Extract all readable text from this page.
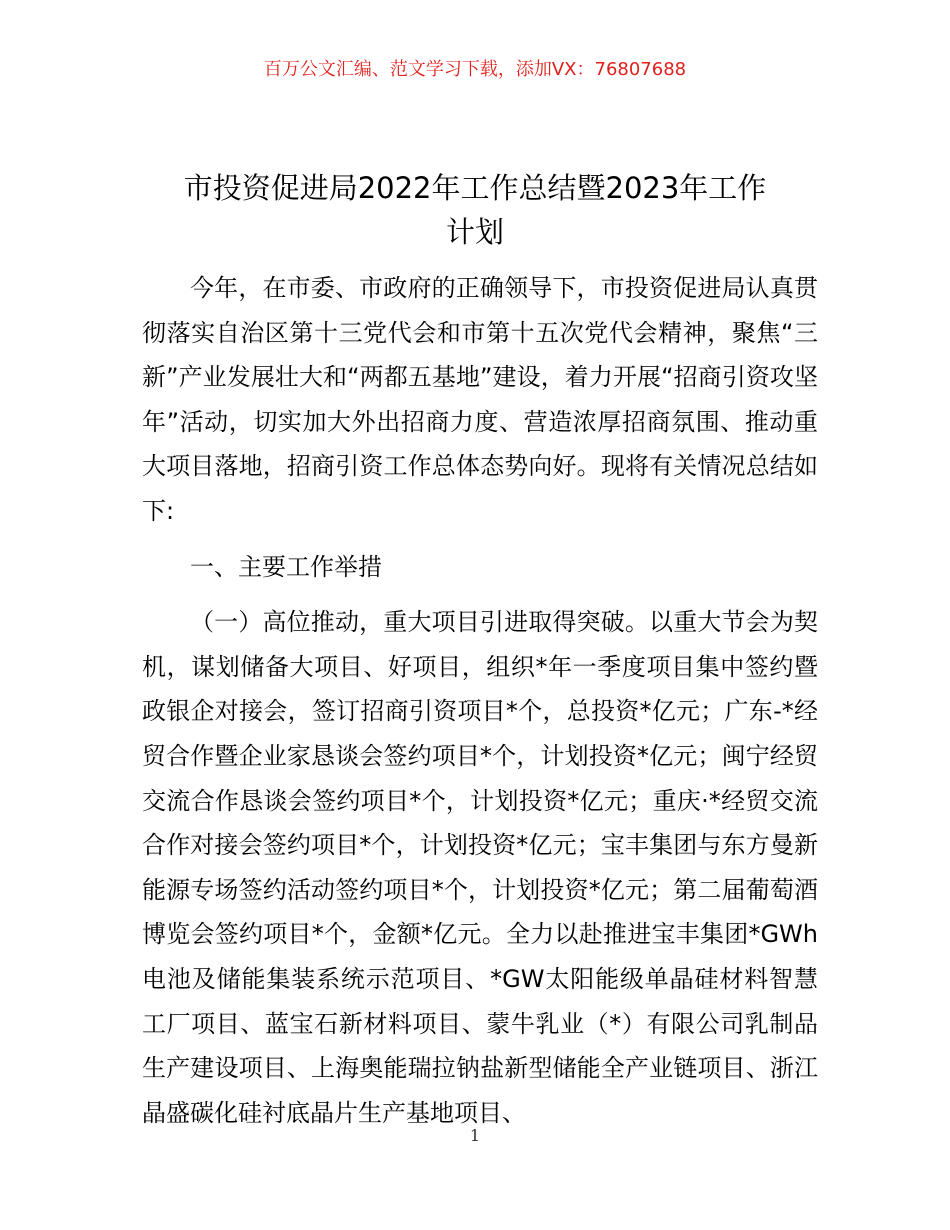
百万公文汇编、范文学习下载，添加VX：76807688
市投资促进局2022年工作总结暨2023年工作
计划

今年，在市委、市政府的正确领导下，市投资促进局认真贯彻落实自治区第十三党代会和市第十五次党代会精神，聚焦“三新”产业发展壮大和“两都五基地”建设，着力开展“招商引资攻坚年”活动，切实加大外出招商力度、营造浓厚招商氛围、推动重大项目落地，招商引资工作总体态势向好。现将有关情况总结如下:

一、主要工作举措

（一）高位推动，重大项目引进取得突破。以重大节会为契机，谋划储备大项目、好项目，组织*年一季度项目集中签约暨政银企对接会，签订招商引资项目*个，总投资*亿元；广东-*经贸合作暨企业家恳谈会签约项目*个，计划投资*亿元；闽宁经贸交流合作恳谈会签约项目*个，计划投资*亿元；重庆·*经贸交流合作对接会签约项目*个，计划投资*亿元；宝丰集团与东方曼新能源专场签约活动签约项目*个，计划投资*亿元；第二届葡萄酒博览会签约项目*个，金额*亿元。全力以赴推进宝丰集团*GWh电池及储能集装系统示范项目、*GW太阳能级单晶硅材料智慧工厂项目、蓝宝石新材料项目、蒙牛乳业（*）有限公司乳制品生产建设项目、上海奥能瑞拉钠盐新型储能全产业链项目、浙江晶盛碳化硅衬底晶片生产基地项目、

1
